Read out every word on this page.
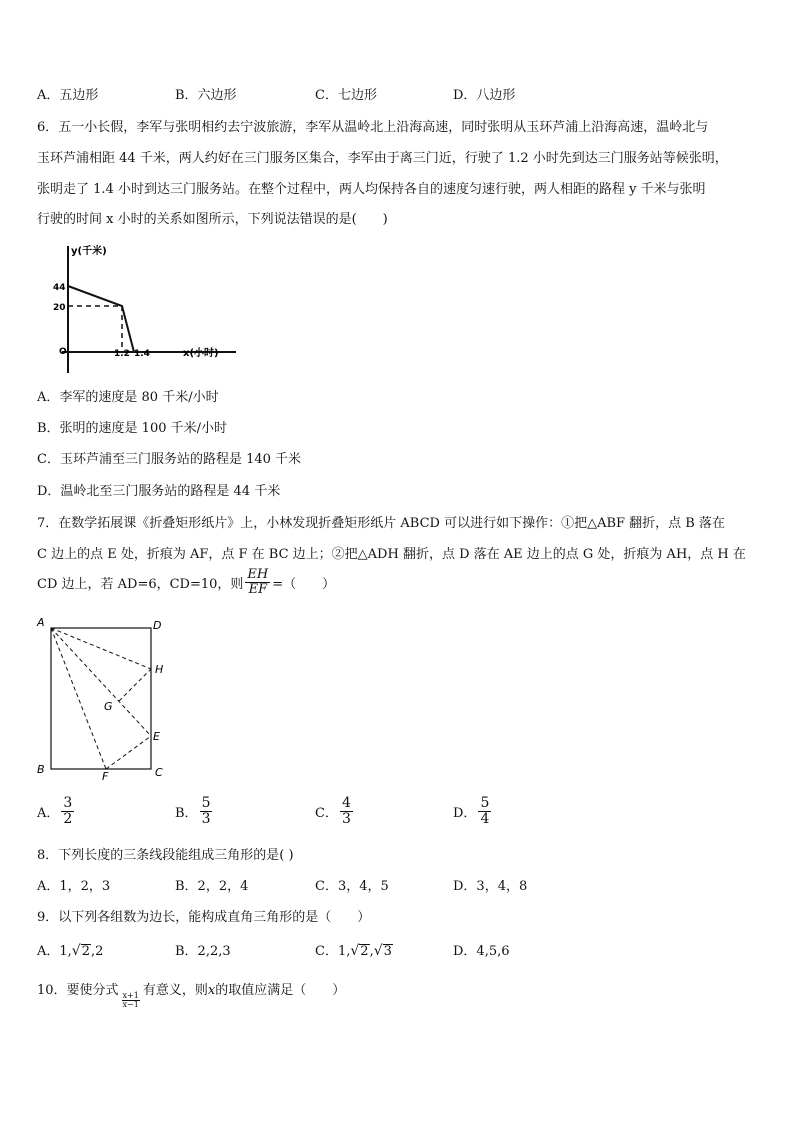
A．五边形	B．六边形	C．七边形	D．八边形
6．五一小长假，李军与张明相约去宁波旅游，李军从温岭北上沿海高速，同时张明从玉环芦浦上沿海高速，温岭北与
玉环芦浦相距 44 千米，两人约好在三门服务区集合，李军由于离三门近，行驶了 1.2 小时先到达三门服务站等候张明，
张明走了 1.4 小时到达三门服务站。在整个过程中，两人均保持各自的速度匀速行驶，两人相距的路程 y 千米与张明
行驶的时间 x 小时的关系如图所示，下列说法错误的是(　　)
y(千米)
x(小时)
O
44
20
1.2 1.4
A．李军的速度是 80 千米/小时
B．张明的速度是 100 千米/小时
C．玉环芦浦至三门服务站的路程是 140 千米
D．温岭北至三门服务站的路程是 44 千米
7．在数学拓展课《折叠矩形纸片》上，小林发现折叠矩形纸片 ABCD 可以进行如下操作：①把△ABF 翻折，点 B 落在
C 边上的点 E 处，折痕为 AF，点 F 在 BC 边上；②把△ADH 翻折，点 D 落在 AE 边上的点 G 处，折痕为 AH，点 H 在
CD 边上，若 AD=6，CD=10，则 $\frac{EH}{EF}$ =（　　）
A	D
H
G
E
B
F	C
A． $\frac{3}{2}$	B． $\frac{5}{3}$	C． $\frac{4}{3}$	D． $\frac{5}{4}$
8．下列长度的三条线段能组成三角形的是( )
A．1，2，3	B．2，2，4	C．3，4，5	D．3，4，8
9．以下列各组数为边长，能构成直角三角形的是（　　）
A．1,√2,2	B．2,2,3	C．1,√2,√3	D．4,5,6
10．要使分式
$\frac{x+1}{x-1}$
有意义，则x的取值应满足（　　）
